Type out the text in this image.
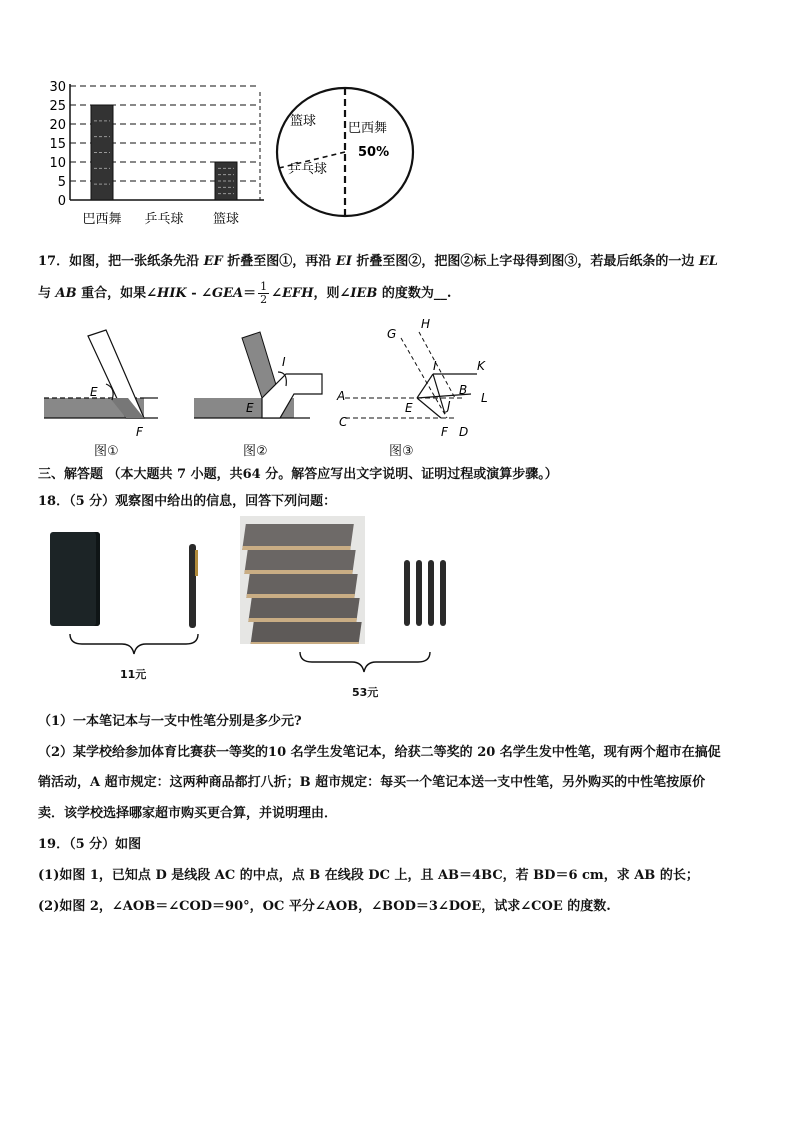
0
5
10
15
20
25
30
巴西舞 乒乓球 篮球
篮球 巴西舞
50%
乒乓球
17．如图，把一张纸条先沿 EF 折叠至图①，再沿 EI 折叠至图②，把图②标上字母得到图③，若最后纸条的一边 EL
与 AB 重合，如果∠HIK - ∠GEA＝ $\frac{1}{2}$ ∠EFH，则∠IEB 的度数为__.
E
F
图①
E
I
图②
G
H
I	K
A	B
L
E	J
C
F D
图③
三、解答题 （本大题共 7 小题，共64 分。解答应写出文字说明、证明过程或演算步骤。）
18．（5 分）观察图中给出的信息，回答下列问题：
11元
53元
（1）一本笔记本与一支中性笔分别是多少元?
（2）某学校给参加体育比赛获一等奖的10 名学生发笔记本，给获二等奖的 20 名学生发中性笔，现有两个超市在搞促
销活动，A 超市规定：这两种商品都打八折；B 超市规定：每买一个笔记本送一支中性笔，另外购买的中性笔按原价
卖．该学校选择哪家超市购买更合算，并说明理由．
19．（5 分）如图
(1)如图 1，已知点 D 是线段 AC 的中点，点 B 在线段 DC 上，且 AB＝4BC，若 BD＝6 cm，求 AB 的长；
(2)如图 2，∠AOB＝∠COD＝90°，OC 平分∠AOB，∠BOD＝3∠DOE，试求∠COE 的度数.
